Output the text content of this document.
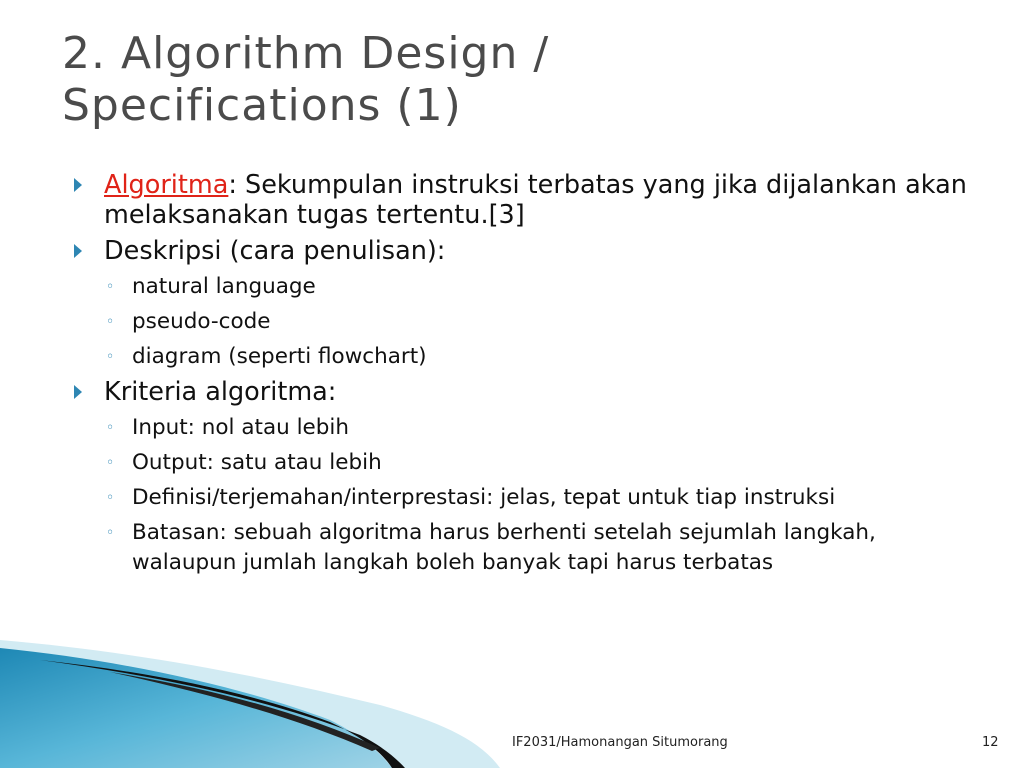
2. Algorithm Design /
Specifications (1)
Algoritma: Sekumpulan instruksi terbatas yang jika dijalankan akan melaksanakan tugas tertentu.[3]
Deskripsi (cara penulisan):
◦ natural language
◦ pseudo-code
◦ diagram (seperti flowchart)
Kriteria algoritma:
◦ Input: nol atau lebih
◦ Output: satu atau lebih
◦ Definisi/terjemahan/interprestasi: jelas, tepat untuk tiap instruksi
◦ Batasan: sebuah algoritma harus berhenti setelah sejumlah langkah, walaupun jumlah langkah boleh banyak tapi harus terbatas
IF2031/Hamonangan Situmorang	12
